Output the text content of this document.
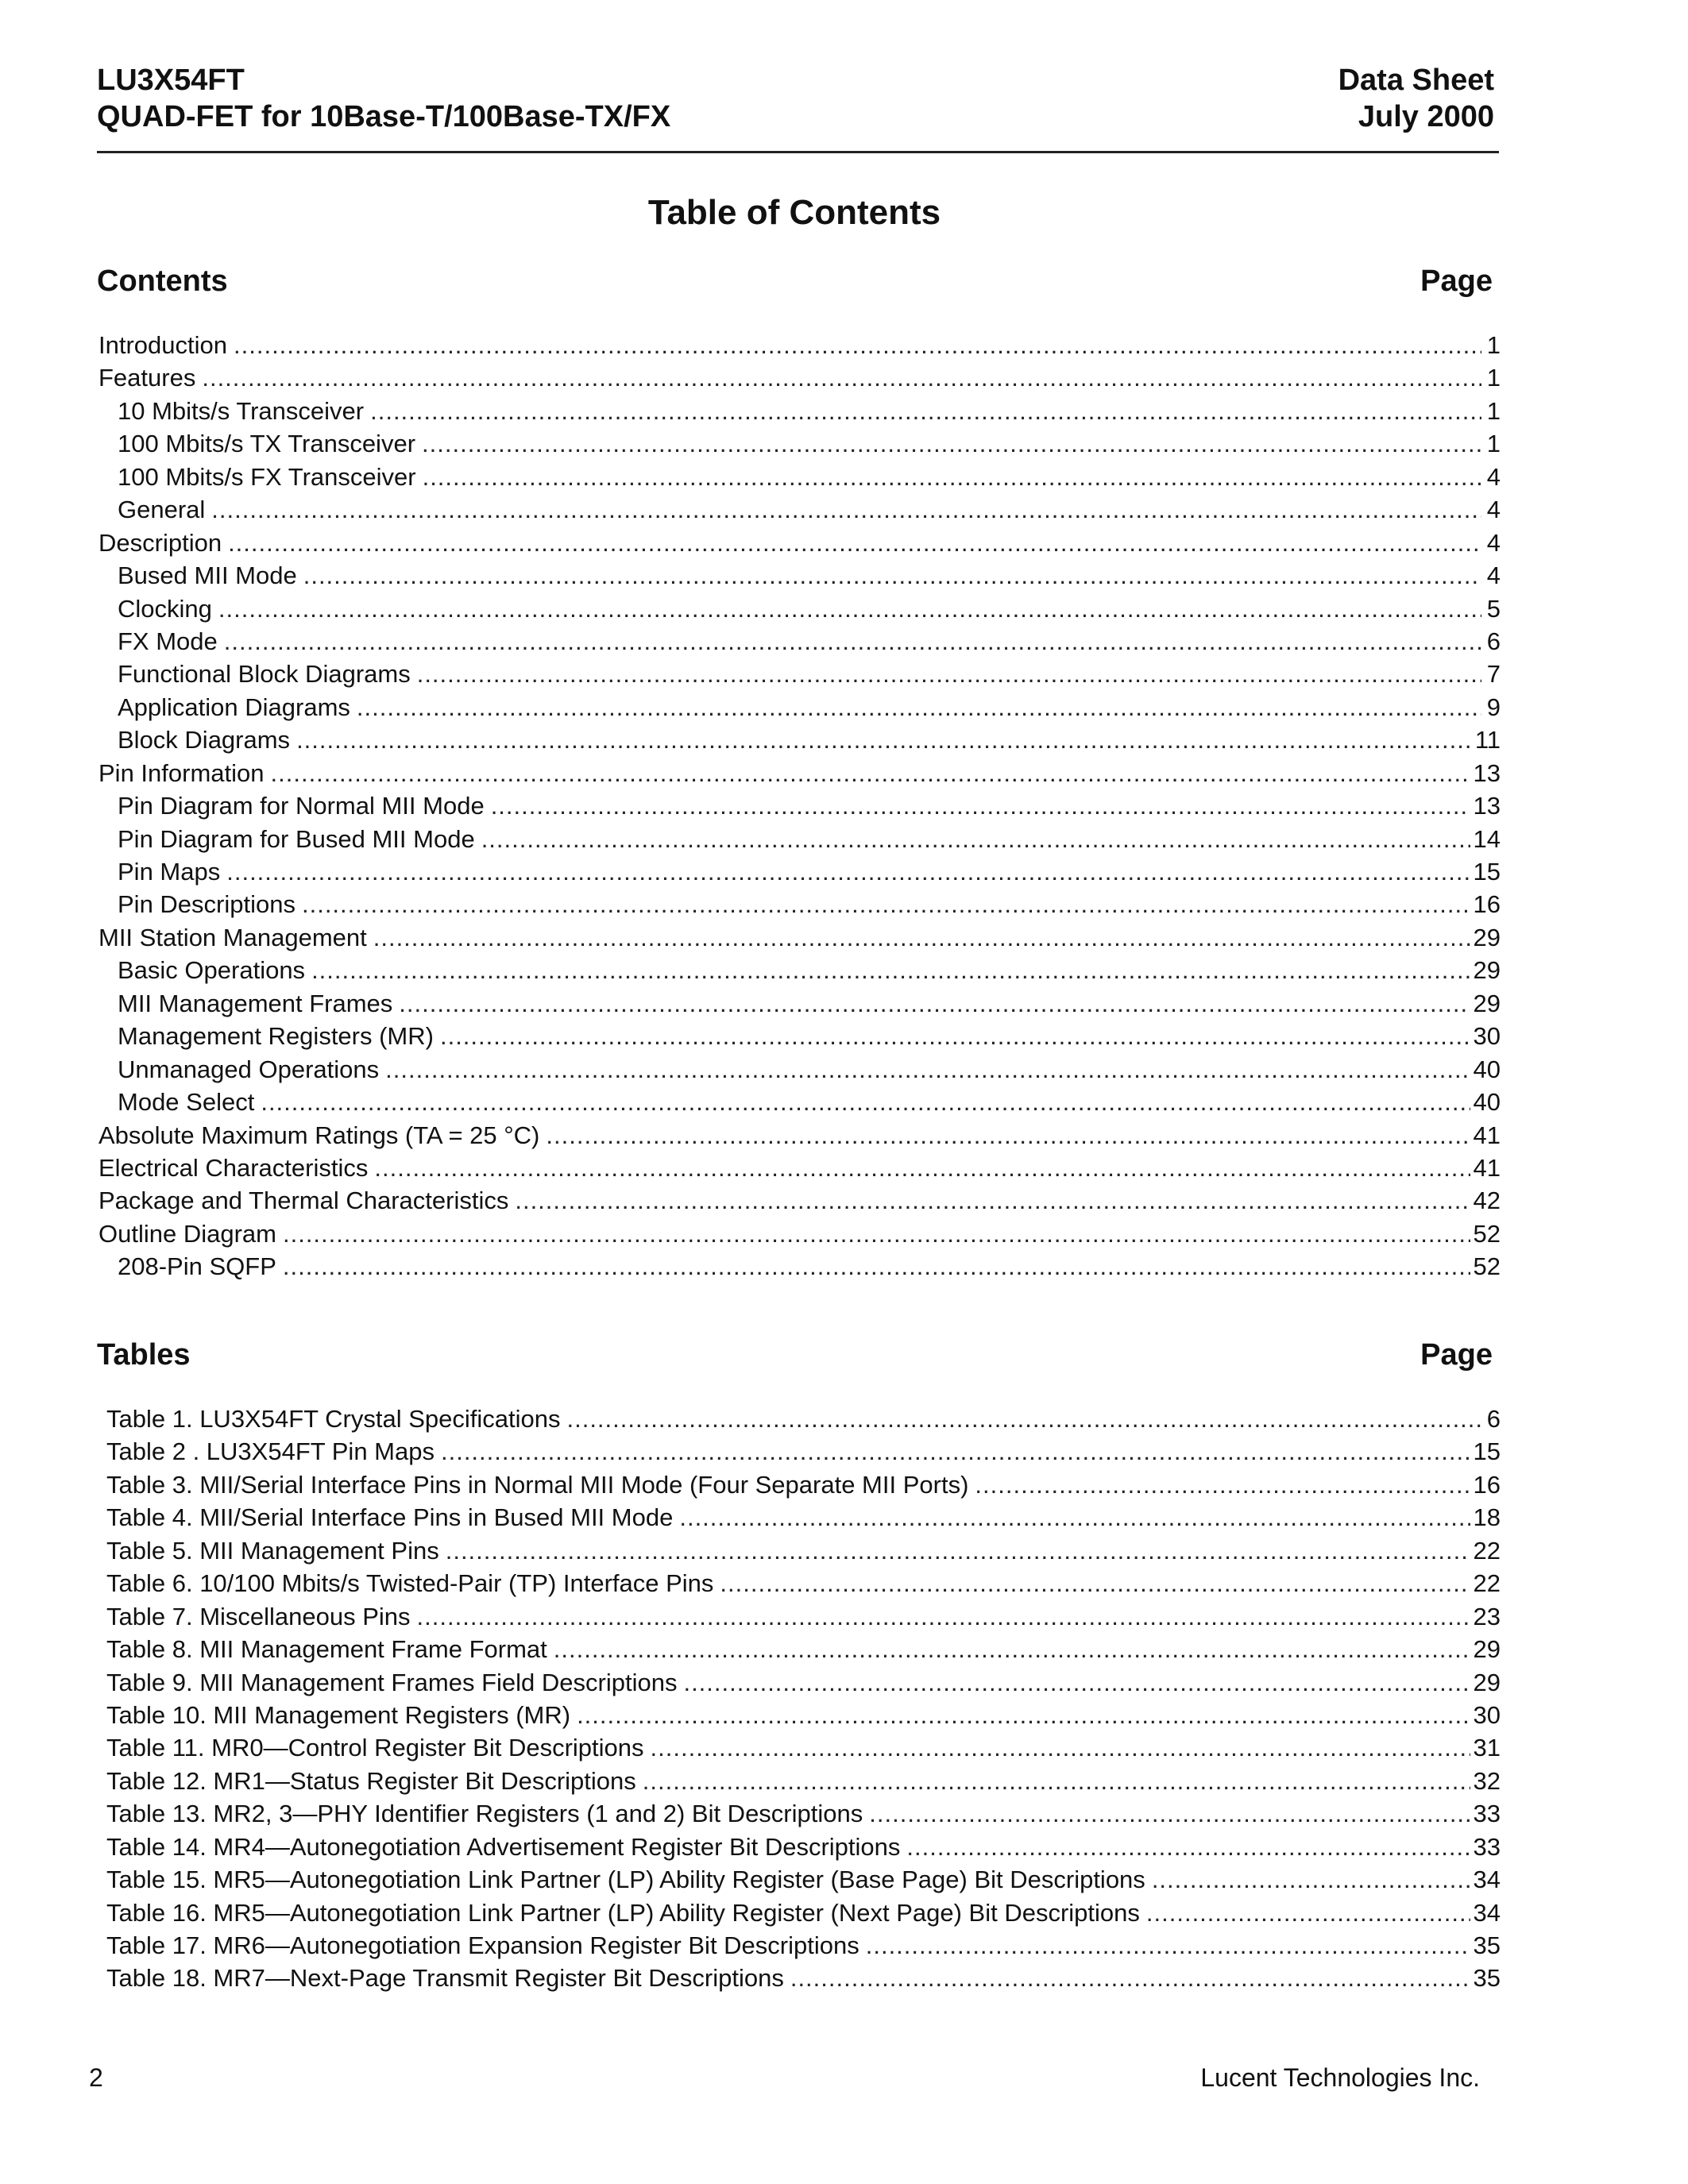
LU3X54FT
QUAD-FET for 10Base-T/100Base-TX/FX
Data Sheet
July 2000
Table of Contents
Contents	Page
Introduction .....	1
Features .....	1
10 Mbits/s Transceiver .....	1
100 Mbits/s TX Transceiver .....	1
100 Mbits/s FX Transceiver .....	4
General .....	4
Description .....	4
Bused MII Mode .....	4
Clocking .....	5
FX Mode .....	6
Functional Block Diagrams .....	7
Application Diagrams .....	9
Block Diagrams .....	11
Pin Information .....	13
Pin Diagram for Normal MII Mode .....	13
Pin Diagram for Bused MII Mode .....	14
Pin Maps .....	15
Pin Descriptions .....	16
MII Station Management .....	29
Basic Operations .....	29
MII Management Frames .....	29
Management Registers (MR) .....	30
Unmanaged Operations .....	40
Mode Select .....	40
Absolute Maximum Ratings (TA = 25 °C) .....	41
Electrical Characteristics .....	41
Package and Thermal Characteristics .....	42
Outline Diagram .....	52
208-Pin SQFP .....	52
Tables	Page
Table 1. LU3X54FT Crystal Specifications .....	6
Table 2 . LU3X54FT Pin Maps .....	15
Table 3. MII/Serial Interface Pins in Normal MII Mode (Four Separate MII Ports) .....	16
Table 4. MII/Serial Interface Pins in Bused MII Mode .....	18
Table 5. MII Management Pins .....	22
Table 6. 10/100 Mbits/s Twisted-Pair (TP) Interface Pins .....	22
Table 7. Miscellaneous Pins .....	23
Table 8. MII Management Frame Format .....	29
Table 9. MII Management Frames Field Descriptions .....	29
Table 10. MII Management Registers (MR) .....	30
Table 11. MR0—Control Register Bit Descriptions .....	31
Table 12. MR1—Status Register Bit Descriptions .....	32
Table 13. MR2, 3—PHY Identifier Registers (1 and 2) Bit Descriptions .....	33
Table 14. MR4—Autonegotiation Advertisement Register Bit Descriptions .....	33
Table 15. MR5—Autonegotiation Link Partner (LP) Ability Register (Base Page) Bit Descriptions .....	34
Table 16. MR5—Autonegotiation Link Partner (LP) Ability Register (Next Page) Bit Descriptions .....	34
Table 17. MR6—Autonegotiation Expansion Register Bit Descriptions .....	35
Table 18. MR7—Next-Page Transmit Register Bit Descriptions .....	35
2	Lucent Technologies Inc.
